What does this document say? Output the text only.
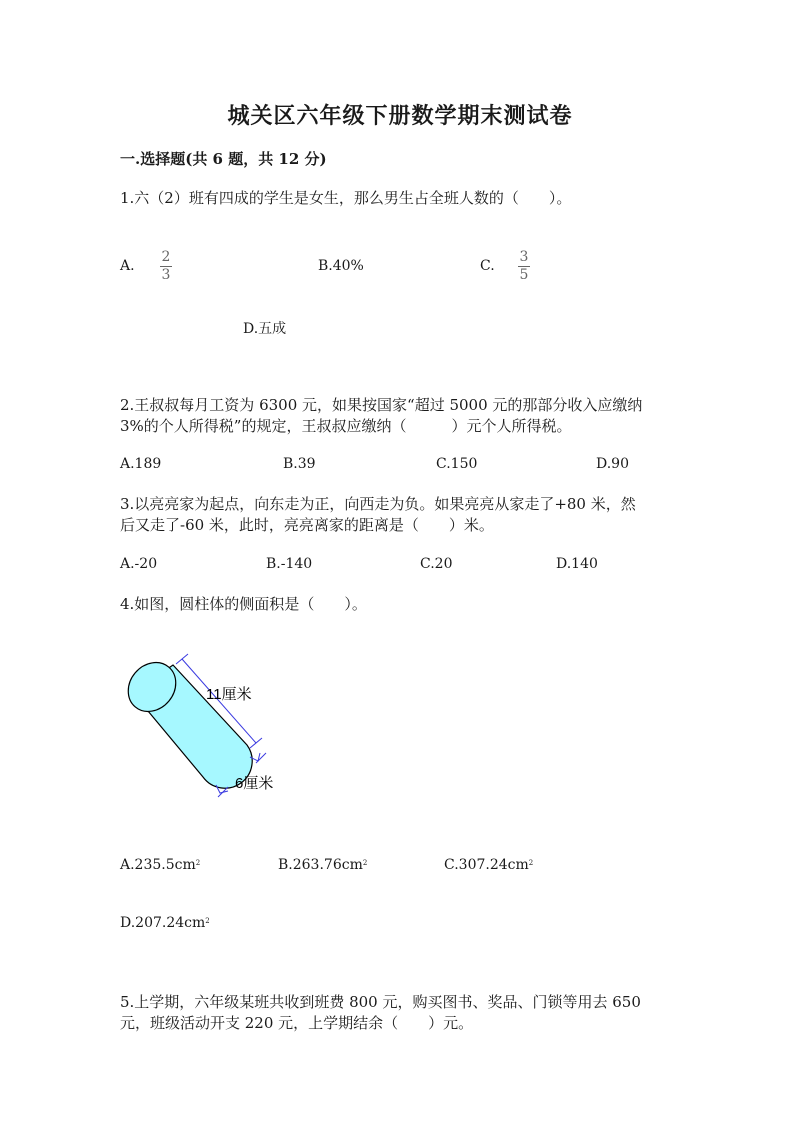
城关区六年级下册数学期末测试卷
一.选择题(共 6 题，共 12 分)
1.六（2）班有四成的学生是女生，那么男生占全班人数的（　　）。
A. $\frac{2}{3}$	B.40%	C. $\frac{3}{5}$
D.五成
2.王叔叔每月工资为 6300 元，如果按国家“超过 5000 元的那部分收入应缴纳
3%的个人所得税”的规定，王叔叔应缴纳（　　　）元个人所得税。
A.189	B.39	C.150	D.90
3.以亮亮家为起点，向东走为正，向西走为负。如果亮亮从家走了+80 米，然
后又走了-60 米，此时，亮亮离家的距离是（　　）米。
A.-20	B.-140	C.20	D.140
4.如图，圆柱体的侧面积是（　　）。
11厘米
6厘米
$A.235.5cm^2$	$B.263.76cm^2$	$C.307.24cm^2$
$D.207.24cm^2$
5.上学期，六年级某班共收到班费 800 元，购买图书、奖品、门锁等用去 650
元，班级活动开支 220 元，上学期结余（　　）元。
